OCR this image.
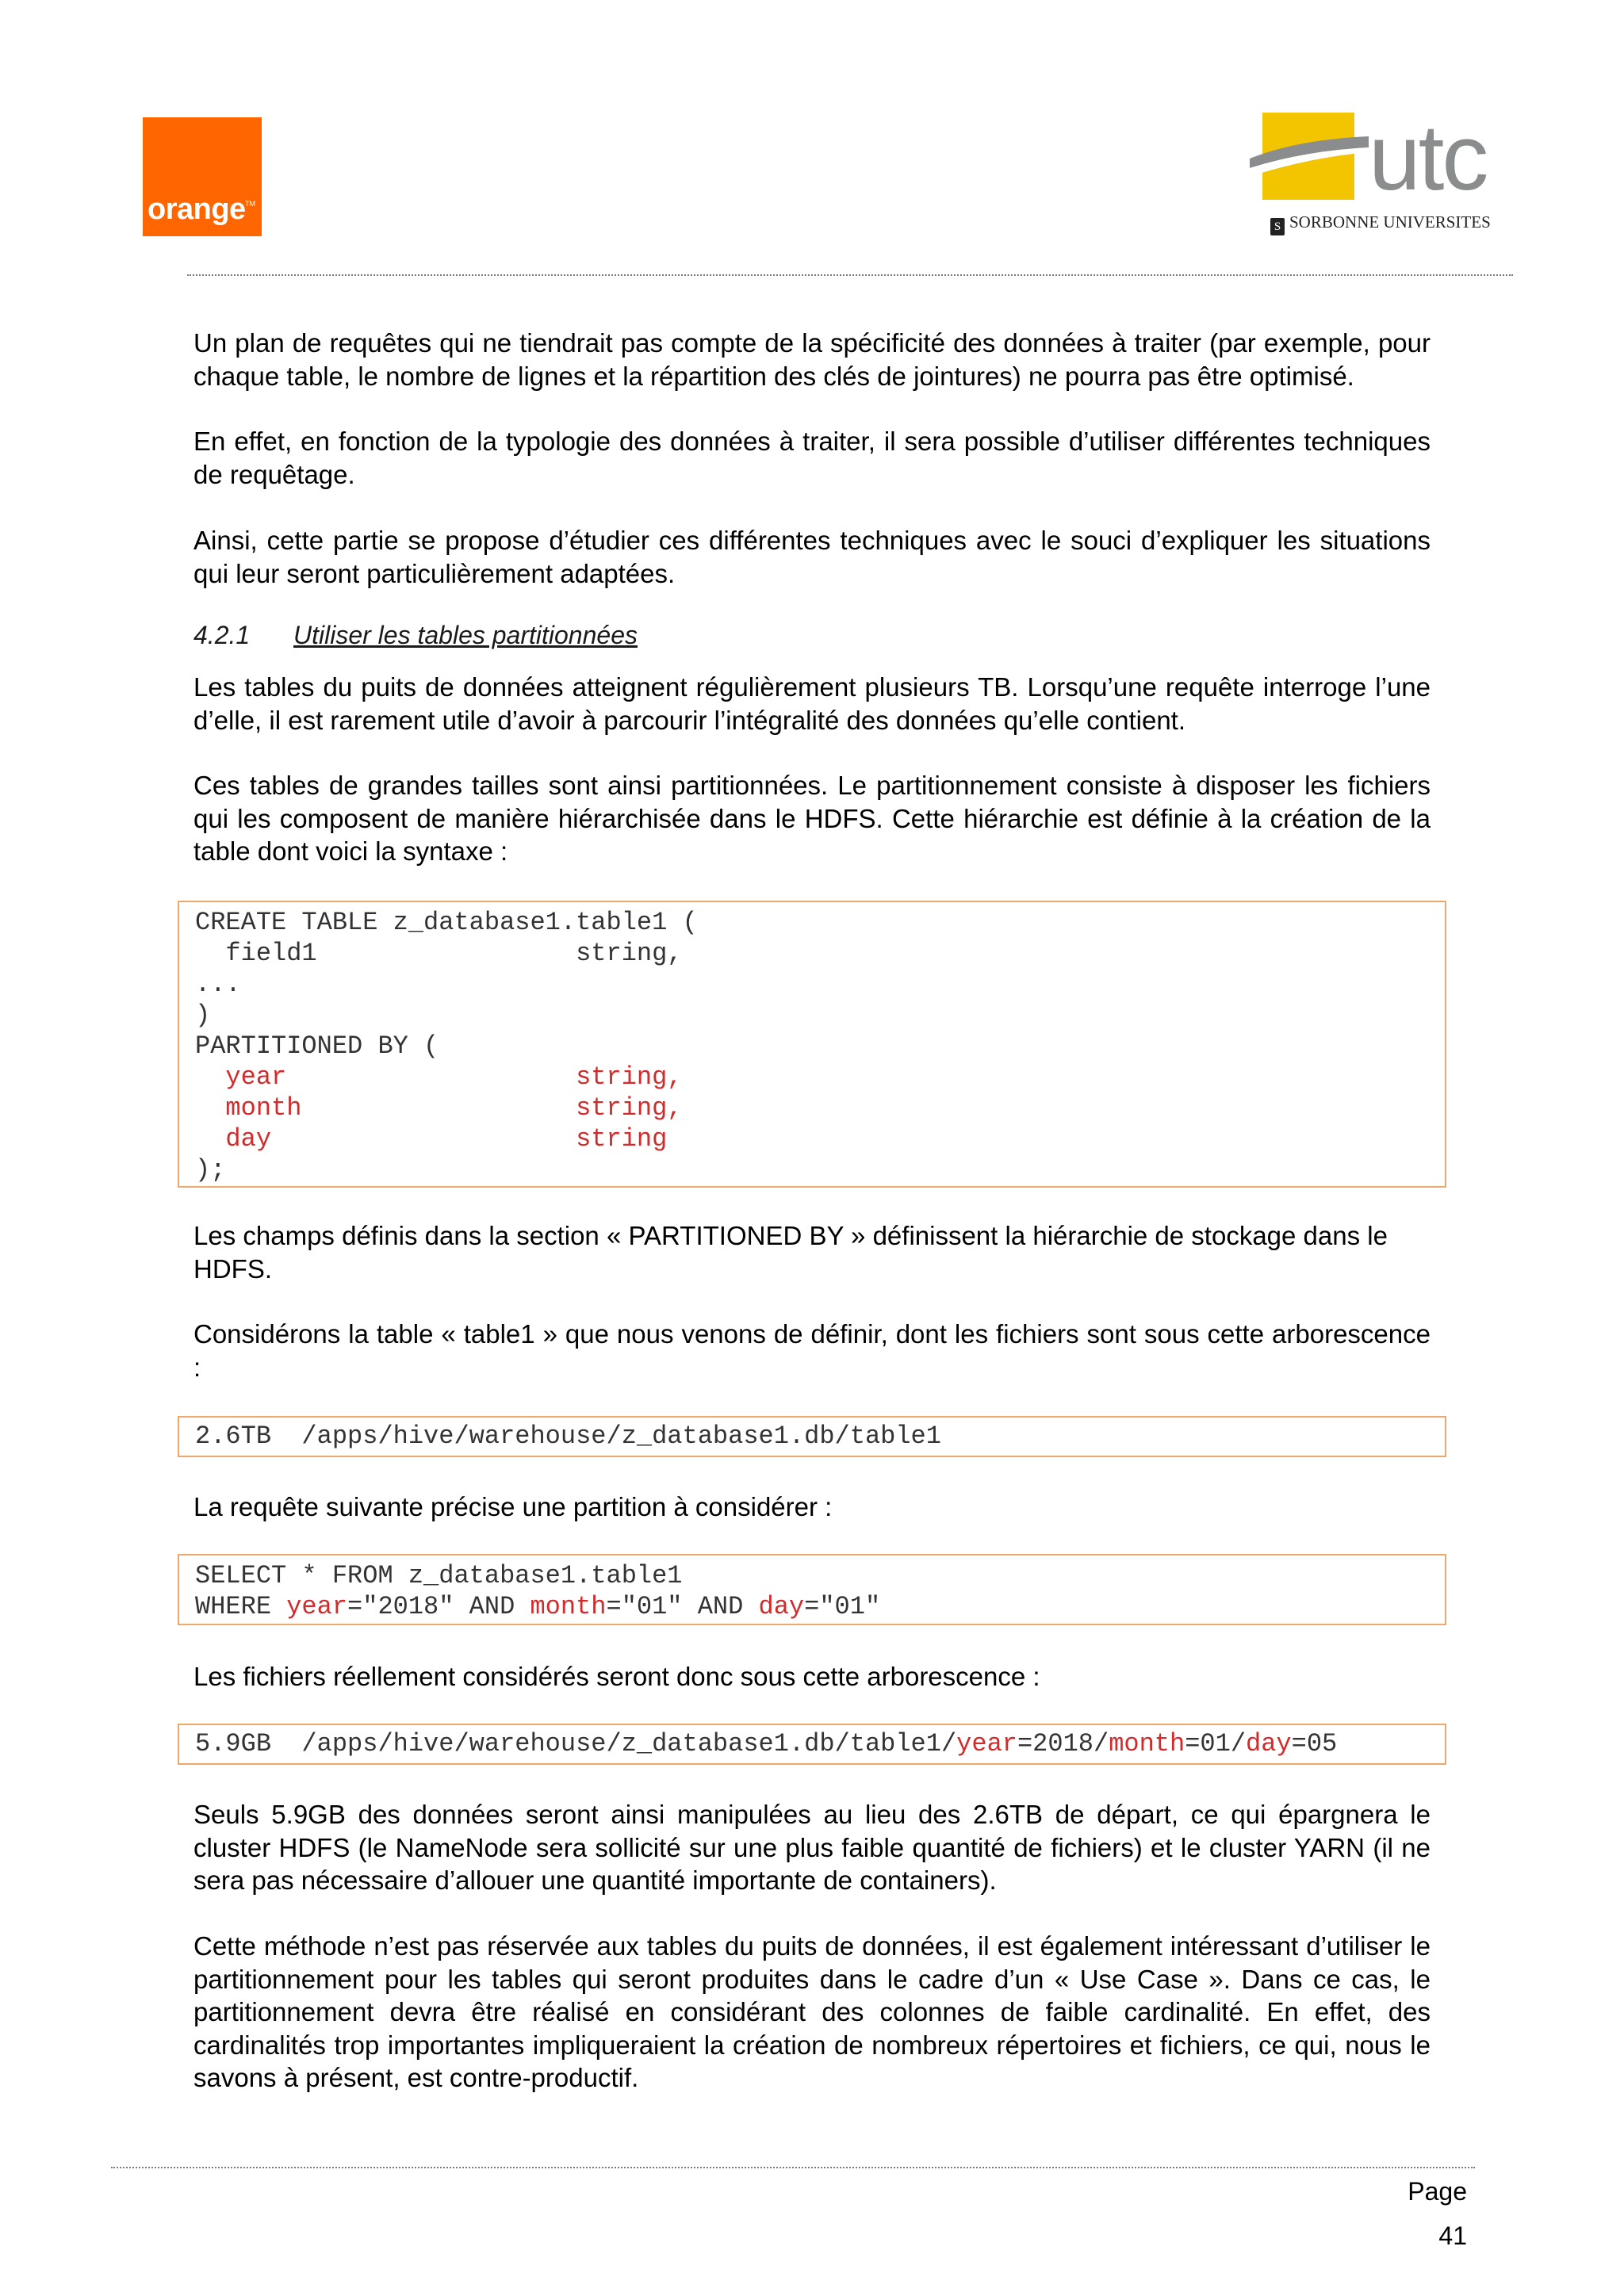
orange TM	utc
S SORBONNE UNIVERSITES

Un plan de requêtes qui ne tiendrait pas compte de la spécificité des données à traiter (par exemple, pour chaque table, le nombre de lignes et la répartition des clés de jointures) ne pourra pas être optimisé.

En effet, en fonction de la typologie des données à traiter, il sera possible d’utiliser différentes techniques de requêtage.

Ainsi, cette partie se propose d’étudier ces différentes techniques avec le souci d’expliquer les situations qui leur seront particulièrement adaptées.

4.2.1 Utiliser les tables partitionnées

Les tables du puits de données atteignent régulièrement plusieurs TB. Lorsqu’une requête interroge l’une d’elle, il est rarement utile d’avoir à parcourir l’intégralité des données qu’elle contient.

Ces tables de grandes tailles sont ainsi partitionnées. Le partitionnement consiste à disposer les fichiers qui les composent de manière hiérarchisée dans le HDFS. Cette hiérarchie est définie à la création de la table dont voici la syntaxe :

CREATE TABLE z_database1.table1 (
field1                 string,
...
)
PARTITIONED BY (
year	string,
month	string,
day	string
);

Les champs définis dans la section « PARTITIONED BY » définissent la hiérarchie de stockage dans le HDFS.

Considérons la table « table1 » que nous venons de définir, dont les fichiers sont sous cette arborescence :

2.6TB  /apps/hive/warehouse/z_database1.db/table1

La requête suivante précise une partition à considérer :

SELECT * FROM z_database1.table1
WHERE year="2018" AND month="01" AND day="01"

Les fichiers réellement considérés seront donc sous cette arborescence :

5.9GB  /apps/hive/warehouse/z_database1.db/table1/year=2018/month=01/day=05

Seuls 5.9GB des données seront ainsi manipulées au lieu des 2.6TB de départ, ce qui épargnera le cluster HDFS (le NameNode sera sollicité sur une plus faible quantité de fichiers) et le cluster YARN (il ne sera pas nécessaire d’allouer une quantité importante de containers).

Cette méthode n’est pas réservée aux tables du puits de données, il est également intéressant d’utiliser le partitionnement pour les tables qui seront produites dans le cadre d’un « Use Case ». Dans ce cas, le partitionnement devra être réalisé en considérant des colonnes de faible cardinalité. En effet, des cardinalités trop importantes impliqueraient la création de nombreux répertoires et fichiers, ce qui, nous le savons à présent, est contre-productif.

Page 41
